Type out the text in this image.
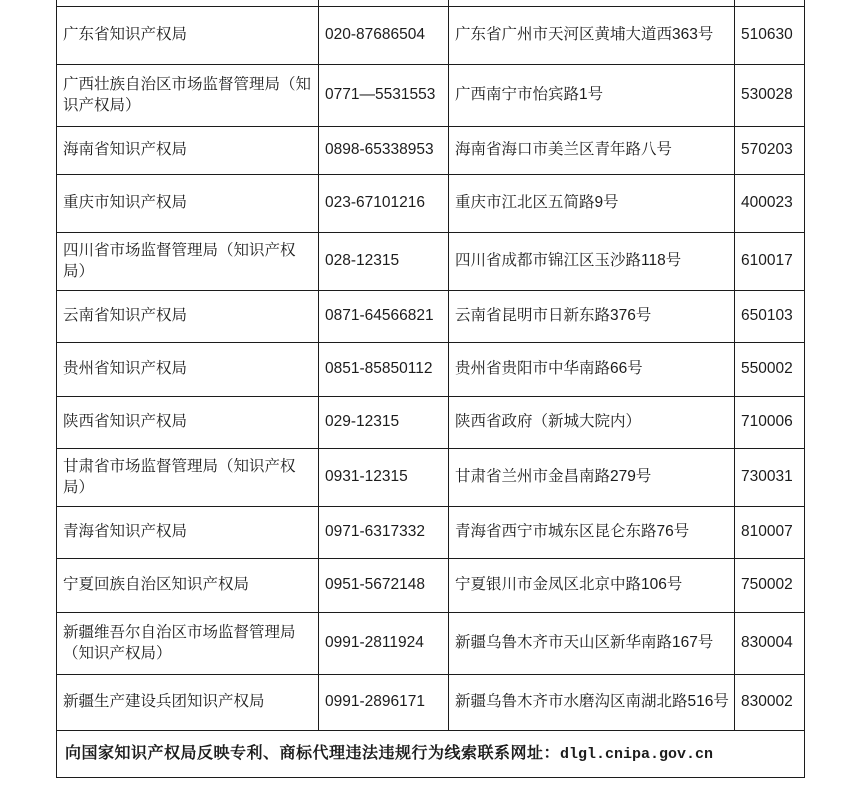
广东省知识产权局	020-87686504	广东省广州市天河区黄埔大道西363号	510630
广西壮族自治区市场监督管理局（知识产权局）	0771—5531553	广西南宁市怡宾路1号	530028
海南省知识产权局	0898-65338953	海南省海口市美兰区青年路八号	570203
重庆市知识产权局	023-67101216	重庆市江北区五简路9号	400023
四川省市场监督管理局（知识产权局）	028-12315	四川省成都市锦江区玉沙路118号	610017
云南省知识产权局	0871-64566821	云南省昆明市日新东路376号	650103
贵州省知识产权局	0851-85850112	贵州省贵阳市中华南路66号	550002
陕西省知识产权局	029-12315	陕西省政府（新城大院内）	710006
甘肃省市场监督管理局（知识产权局）	0931-12315	甘肃省兰州市金昌南路279号	730031
青海省知识产权局	0971-6317332	青海省西宁市城东区昆仑东路76号	810007
宁夏回族自治区知识产权局	0951-5672148	宁夏银川市金凤区北京中路106号	750002
新疆维吾尔自治区市场监督管理局（知识产权局）	0991-2811924	新疆乌鲁木齐市天山区新华南路167号	830004
新疆生产建设兵团知识产权局	0991-2896171	新疆乌鲁木齐市水磨沟区南湖北路516号	830002
向国家知识产权局反映专利、商标代理违法违规行为线索联系网址：dlgl.cnipa.gov.cn			
